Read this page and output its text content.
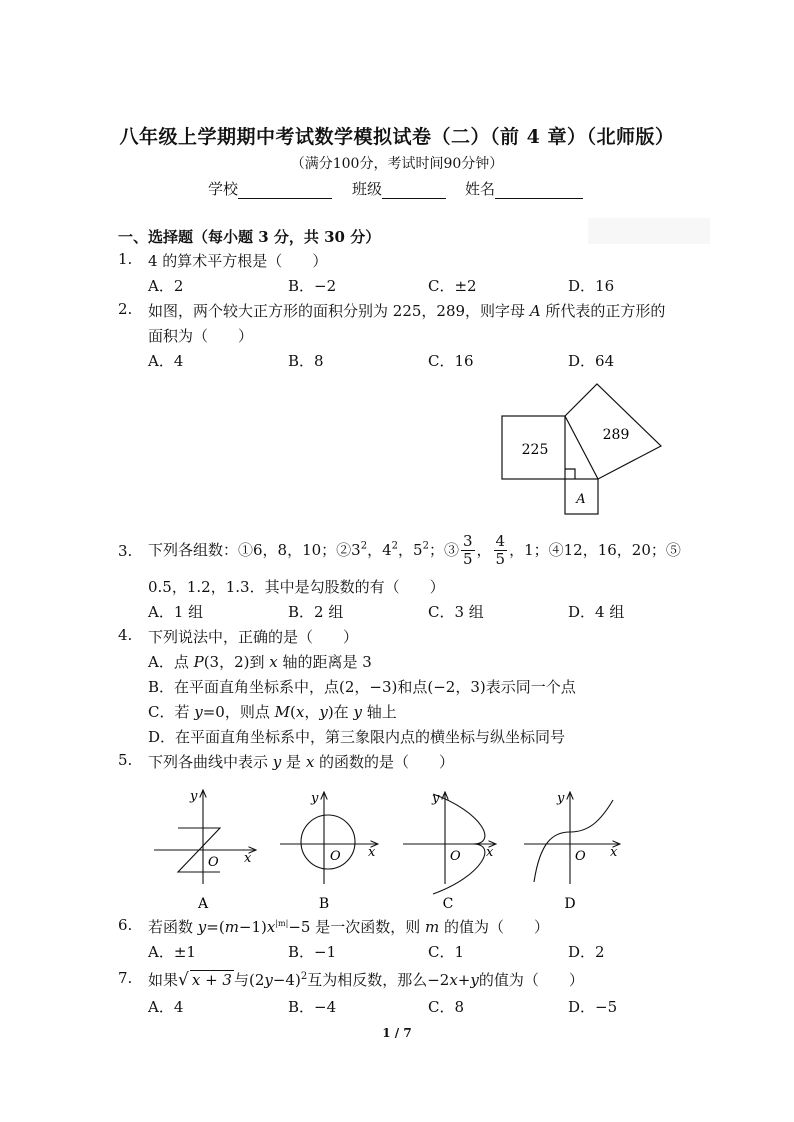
八年级上学期期中考试数学模拟试卷（二）（前 4 章）（北师版）
（满分100分，考试时间90分钟）
学校	班级	姓名
一、选择题（每小题 3 分，共 30 分）
1. 4 的算术平方根是（　　）
A．2	B．−2	C．±2	D．16
2. 如图，两个较大正方形的面积分别为 225，289，则字母 A 所代表的正方形的
面积为（　　）
A．4	B．8	C．16	D．64
225
289
A
3. 下列各组数：①6，8，10；$②3^2$，$4^2$，$5^2$；③ $\frac{3}{5}$ ， $\frac{4}{5}$ ，1；④12，16，20；⑤
0.5，1.2，1.3．其中是勾股数的有（　　）
A．1 组	B．2 组	C．3 组	D．4 组
4. 下列说法中，正确的是（　　）
A．点 P(3，2)到 x 轴的距离是 3
B．在平面直角坐标系中，点(2，−3)和点(−2，3)表示同一个点
C．若 y=0，则点 M(x，y)在 y 轴上
D．在平面直角坐标系中，第三象限内点的横坐标与纵坐标同号
5. 下列各曲线中表示 y 是 x 的函数的是（　　）
y
x
O
y
x
O
y
x
O
y
x
O
A	B	C	D
6. 若函数 $y=(m-1)x^{|m|}-5$ 是一次函数，则 m 的值为（　　）
A．±1	B．−1	C．1	D．2
7. 如果√ x + 3 与$(2y-4)^2$互为相反数，那么−2x+y的值为（　　）
A．4	B．−4	C．8	D．−5
1 / 7
